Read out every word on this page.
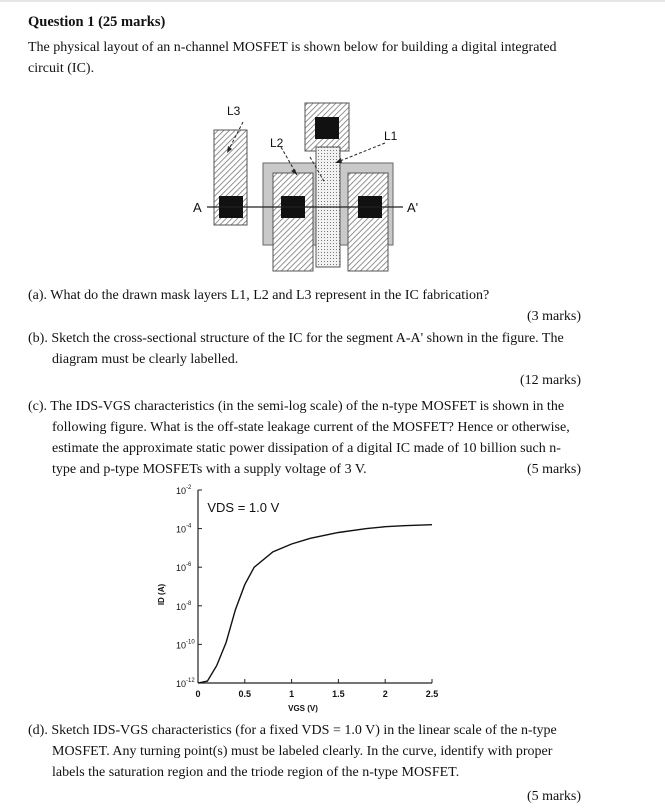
Question 1 (25 marks)
The physical layout of an n-channel MOSFET is shown below for building a digital integrated
circuit (IC).
L3
L2	L1
A	A'
(a). What do the drawn mask layers L1, L2 and L3 represent in the IC fabrication?
(3 marks)
(b). Sketch the cross-sectional structure of the IC for the segment A-A' shown in the figure. The
diagram must be clearly labelled.
(12 marks)
(c). The IDS-VGS characteristics (in the semi-log scale) of the n-type MOSFET is shown in the
following figure. What is the off-state leakage current of the MOSFET? Hence or otherwise,
estimate the approximate static power dissipation of a digital IC made of 10 billion such n-
type and p-type MOSFETs with a supply voltage of 3 V.	(5 marks)
$10^{-2}$
$10^{-4}$
$10^{-6}$
$10^{-8}$
$10^{-10}$
$10^{-12}$
0	0.5	1	1.5	2	2.5
VGS (V)
ID (A)
VDS = 1.0 V
(d). Sketch IDS-VGS characteristics (for a fixed VDS = 1.0 V) in the linear scale of the n-type
MOSFET. Any turning point(s) must be labeled clearly. In the curve, identify with proper
labels the saturation region and the triode region of the n-type MOSFET.
(5 marks)
